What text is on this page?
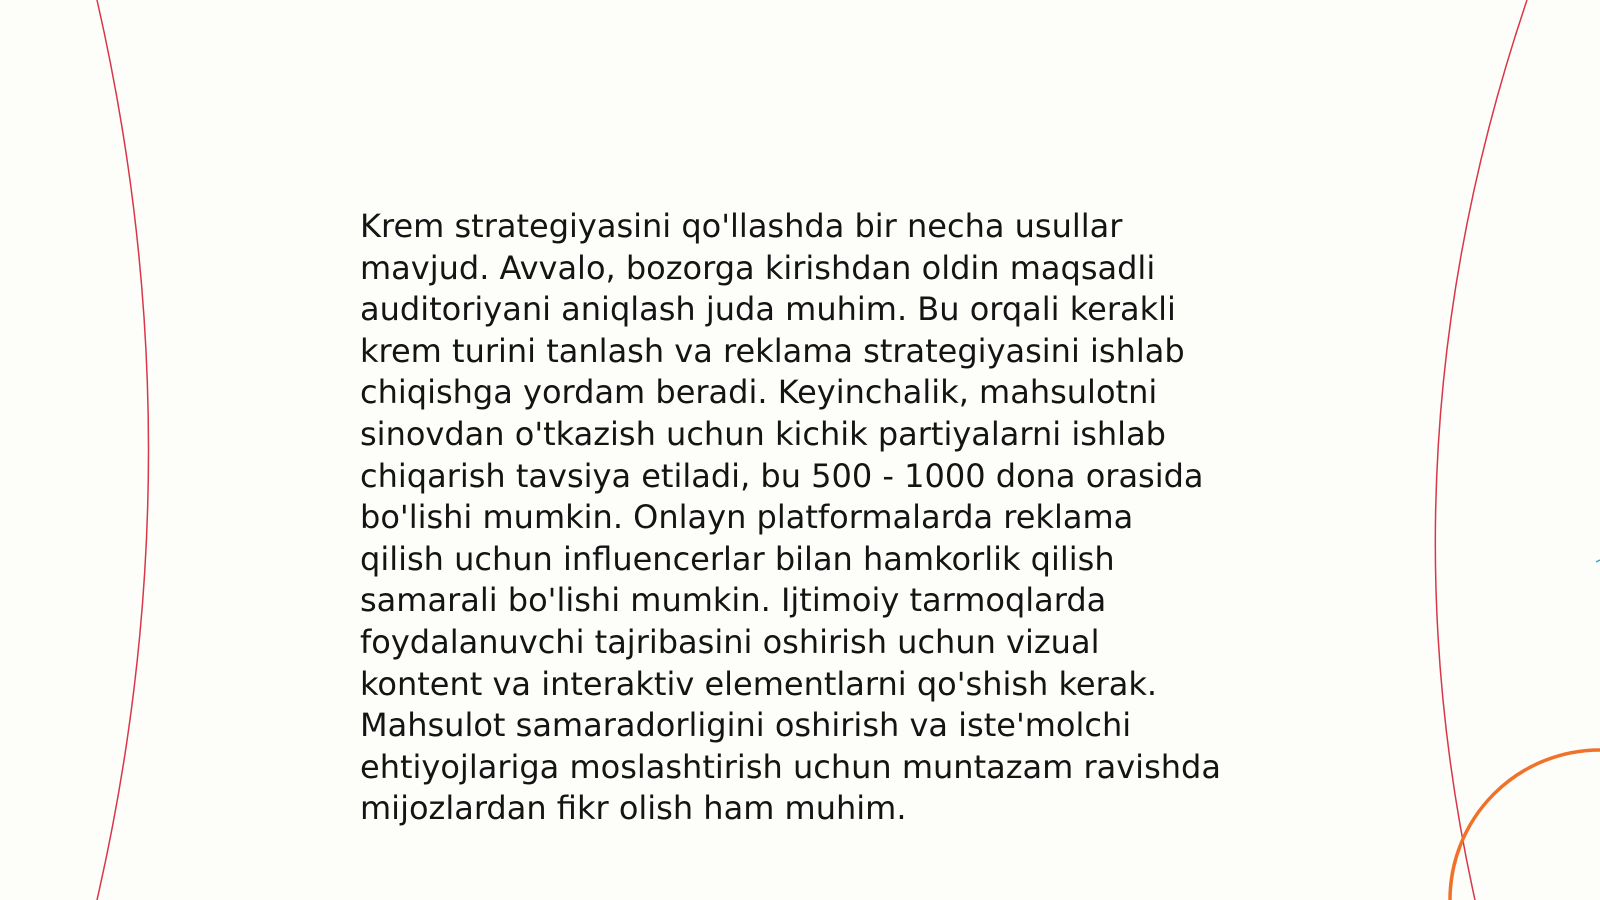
Krem strategiyasini qo'llashda bir necha usullar
mavjud. Avvalo, bozorga kirishdan oldin maqsadli
auditoriyani aniqlash juda muhim. Bu orqali kerakli
krem turini tanlash va reklama strategiyasini ishlab
chiqishga yordam beradi. Keyinchalik, mahsulotni
sinovdan o'tkazish uchun kichik partiyalarni ishlab
chiqarish tavsiya etiladi, bu 500 - 1000 dona orasida
bo'lishi mumkin. Onlayn platformalarda reklama
qilish uchun influencerlar bilan hamkorlik qilish
samarali bo'lishi mumkin. Ijtimoiy tarmoqlarda
foydalanuvchi tajribasini oshirish uchun vizual
kontent va interaktiv elementlarni qo'shish kerak.
Mahsulot samaradorligini oshirish va iste'molchi
ehtiyojlariga moslashtirish uchun muntazam ravishda
mijozlardan fikr olish ham muhim.
